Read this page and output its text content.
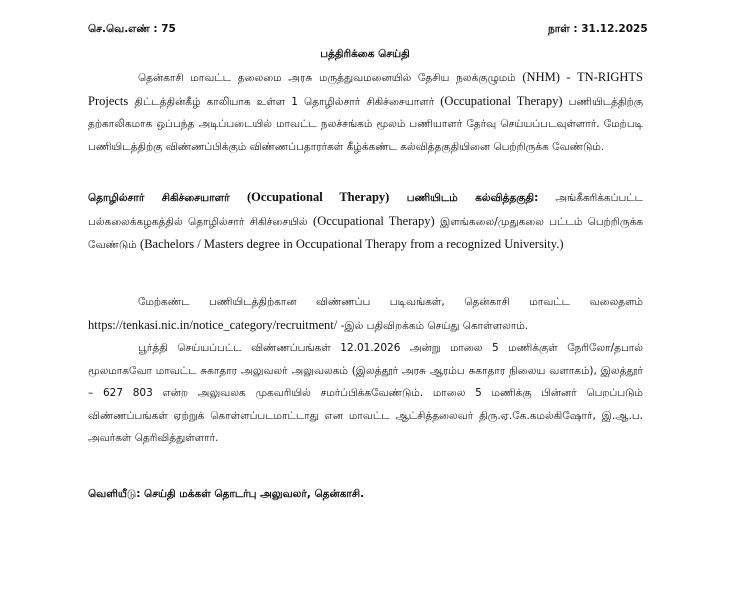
செ.வெ.எண் : 75	நாள் : 31.12.2025
பத்திரிக்கை செய்தி

தென்காசி மாவட்ட தலைமை அரசு மருத்துவமனையில் தேசிய நலக்குழுமம் (NHM) - TN-RIGHTS Projects திட்டத்தின்கீழ் காலியாக உள்ள 1 தொழில்சார் சிகிச்சையாளர் (Occupational Therapy) பணியிடத்திற்கு தற்காலிகமாக ஒப்பந்த அடிப்படையில் மாவட்ட நலச்சங்கம் மூலம் பணியாளர் தேர்வு செய்யப்படவுள்ளார். மேற்படி பணியிடத்திற்கு விண்ணப்பிக்கும் விண்ணப்பதாரர்கள் கீழ்க்கண்ட கல்வித்தகுதியினை பெற்றிருக்க வேண்டும்.

தொழில்சார் சிகிச்சையாளர் (Occupational Therapy) பணியிடம் கல்வித்தகுதி: அங்கீகரிக்கப்பட்ட பல்கலைக்கழகத்தில் தொழில்சார் சிகிச்சையில் (Occupational Therapy) இளங்கலை/முதுகலை பட்டம் பெற்றிருக்க வேண்டும் (Bachelors / Masters degree in Occupational Therapy from a recognized University.)

மேற்கண்ட பணியிடத்திற்கான விண்ணப்ப படிவங்கள், தென்காசி மாவட்ட வலைதளம் https://tenkasi.nic.in/notice_category/recruitment/ -இல் பதிவிறக்கம் செய்து கொள்ளலாம்.

பூர்த்தி செய்யப்பட்ட விண்ணப்பங்கள் 12.01.2026 அன்று மாலை 5 மணிக்குள் நேரிலோ/தபால் மூலமாகவோ மாவட்ட சுகாதார அலுவலர் அலுவலகம் (இலத்தூர் அரசு ஆரம்ப சுகாதார நிலைய வளாகம்), இலத்தூர் – 627 803 என்ற அலுவலக முகவரியில் சமர்ப்பிக்கவேண்டும். மாலை 5 மணிக்கு பின்னர் பெறப்படும் விண்ணப்பங்கள் ஏற்றுக் கொள்ளப்படமாட்டாது என மாவட்ட ஆட்சித்தலைவர் திரு.ஏ.கே.கமல்கிஷோர், இ.ஆ.ப. அவர்கள் தெரிவித்துள்ளார்.

வெளியீடு: செய்தி மக்கள் தொடர்பு அலுவலர், தென்காசி.
